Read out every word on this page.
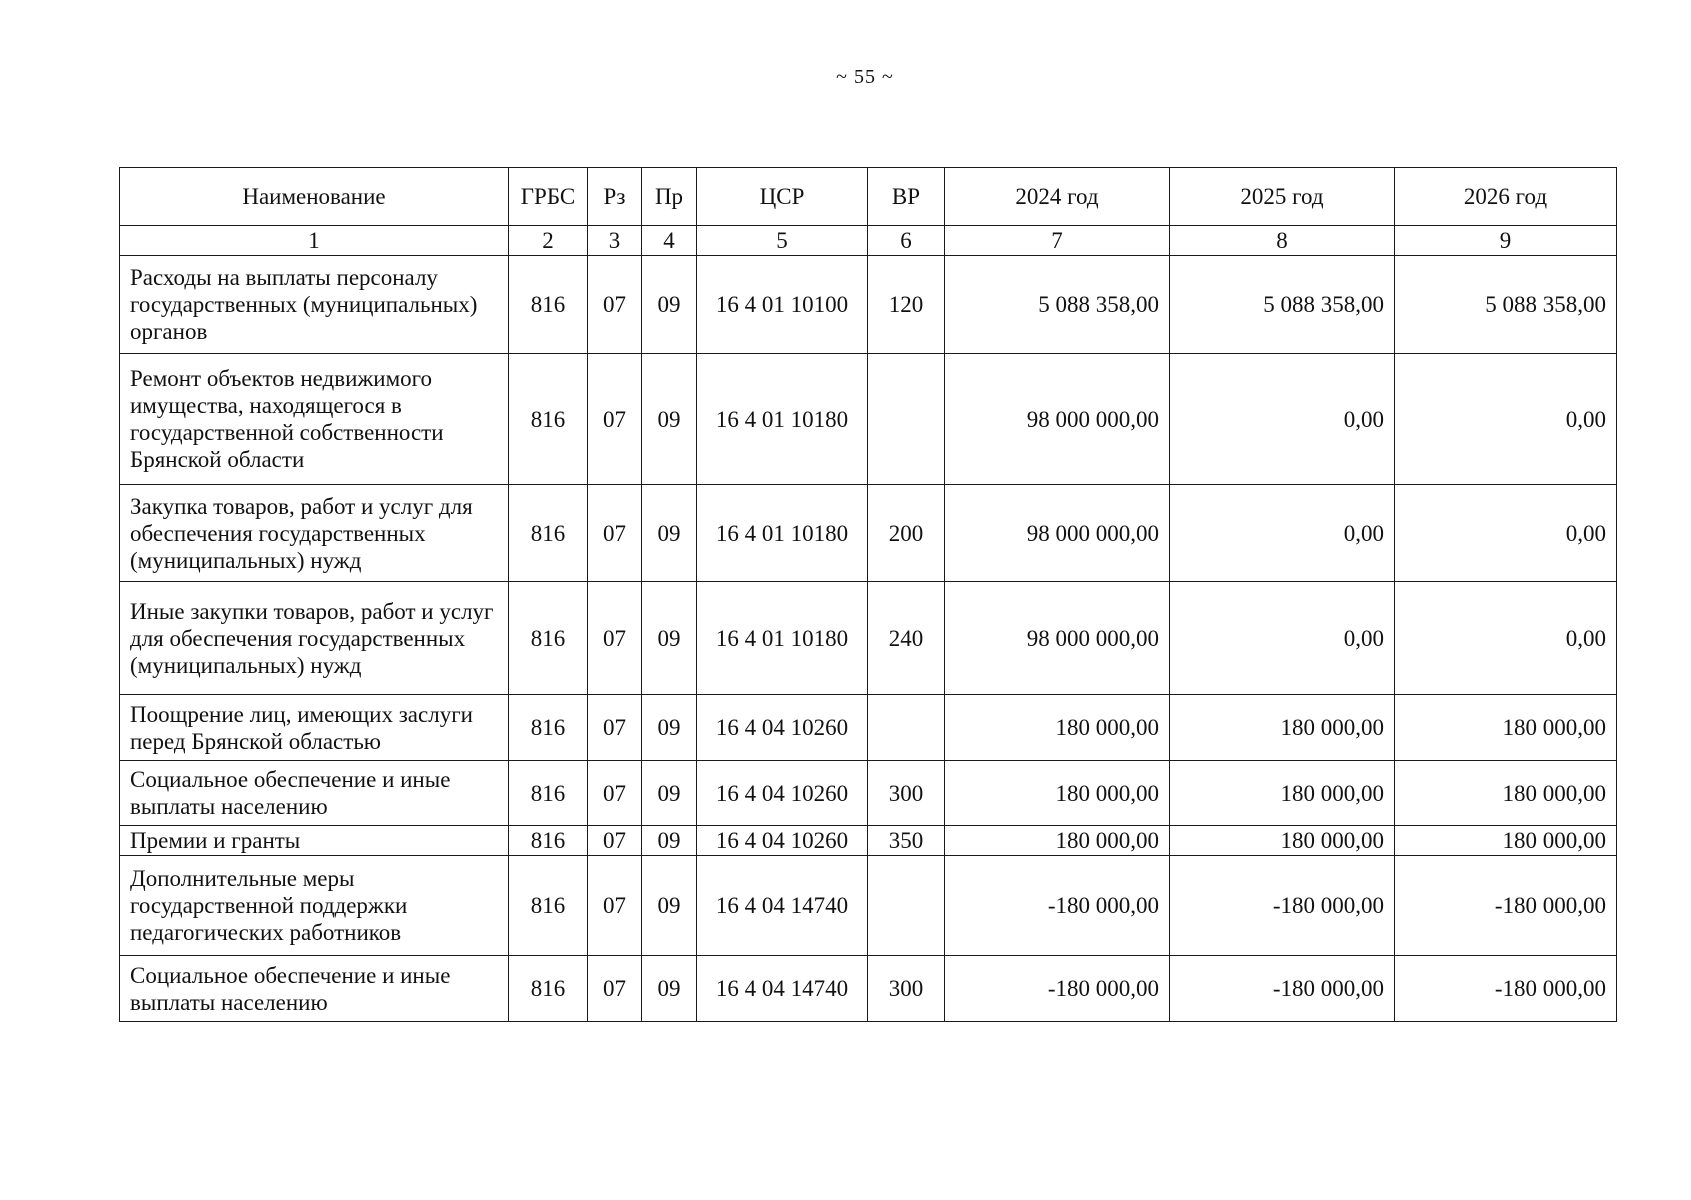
~ 55 ~
Наименование	ГРБС	Рз	Пр	ЦСР	ВР	2024 год	2025 год	2026 год
1	2	3	4	5	6	7	8	9
Расходы на выплаты персоналу государственных (муниципальных) органов	816	07	09	16 4 01 10100	120	5 088 358,00	5 088 358,00	5 088 358,00
Ремонт объектов недвижимого имущества, находящегося в государственной собственности Брянской области	816	07	09	16 4 01 10180		98 000 000,00	0,00	0,00
Закупка товаров, работ и услуг для обеспечения государственных (муниципальных) нужд	816	07	09	16 4 01 10180	200	98 000 000,00	0,00	0,00
Иные закупки товаров, работ и услуг для обеспечения государственных (муниципальных) нужд	816	07	09	16 4 01 10180	240	98 000 000,00	0,00	0,00
Поощрение лиц, имеющих заслуги перед Брянской областью	816	07	09	16 4 04 10260		180 000,00	180 000,00	180 000,00
Социальное обеспечение и иные выплаты населению	816	07	09	16 4 04 10260	300	180 000,00	180 000,00	180 000,00
Премии и гранты	816	07	09	16 4 04 10260	350	180 000,00	180 000,00	180 000,00
Дополнительные меры государственной поддержки педагогических работников	816	07	09	16 4 04 14740		-180 000,00	-180 000,00	-180 000,00
Социальное обеспечение и иные выплаты населению	816	07	09	16 4 04 14740	300	-180 000,00	-180 000,00	-180 000,00
